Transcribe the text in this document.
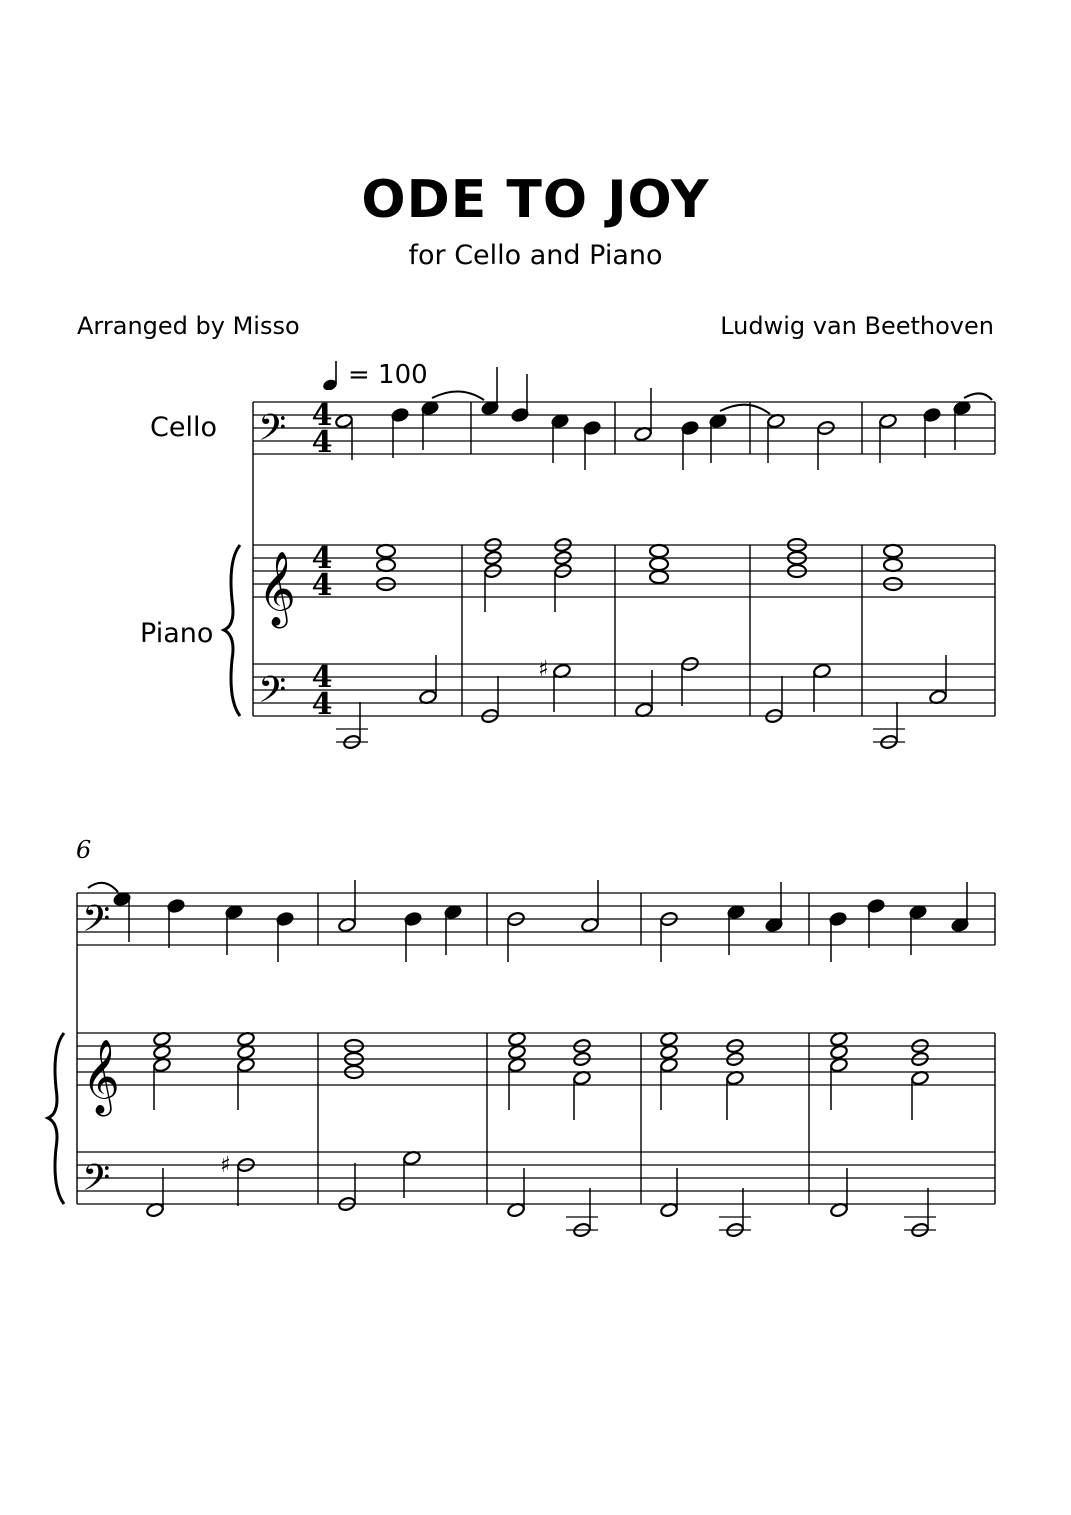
ODE TO JOY
for Cello and Piano
Arranged by Misso	Ludwig van Beethoven
= 100
Cello
Piano
6
𝄢
𝄞
𝄢
𝄢
𝄞
𝄢
4
4
4
4
4
4
♯
♯
